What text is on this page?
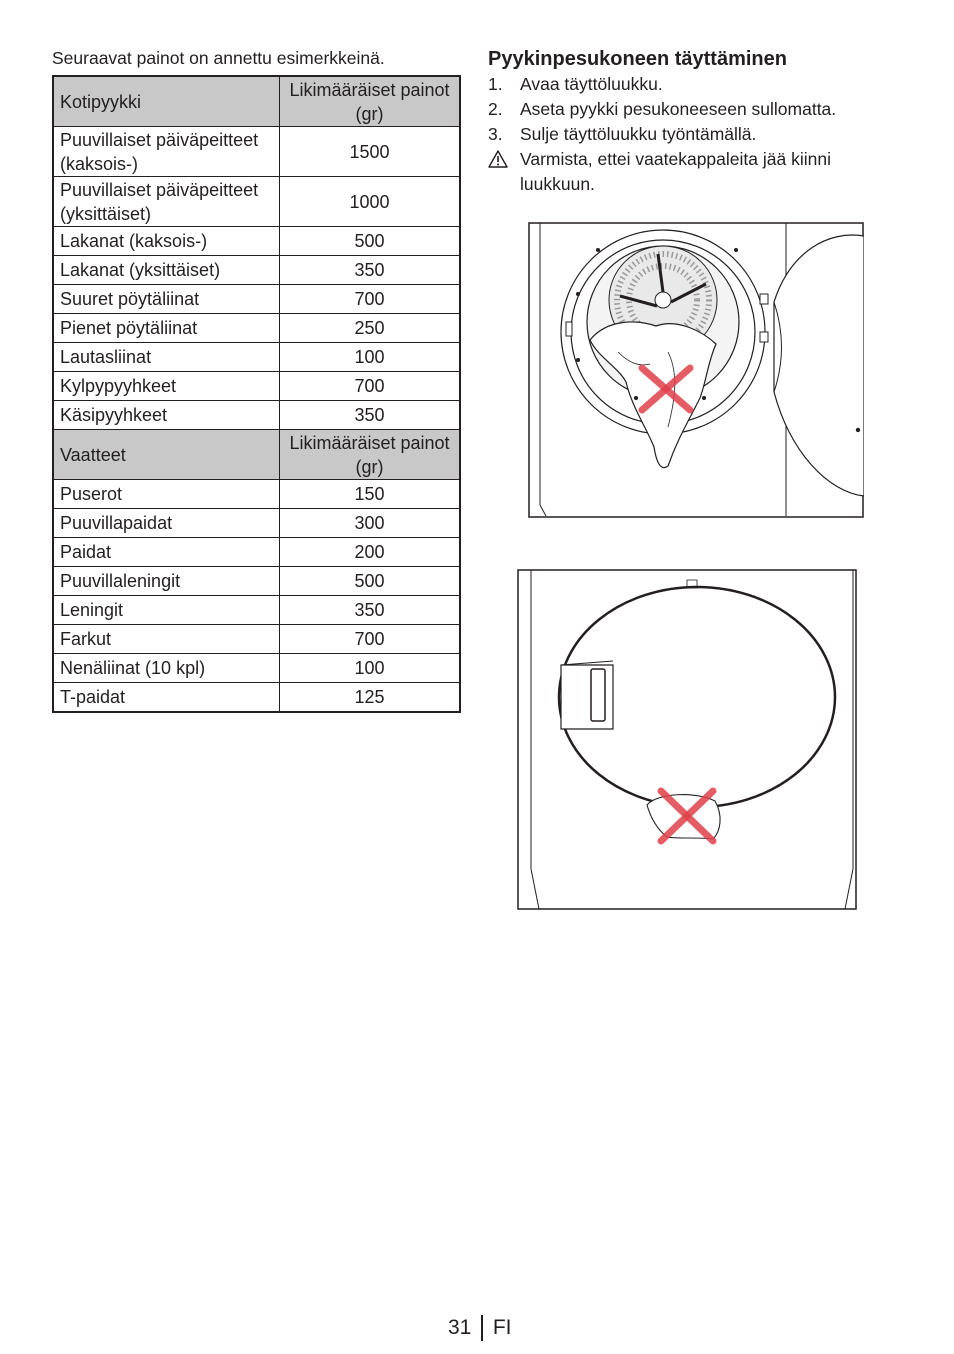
Seuraavat painot on annettu esimerkkeinä.
Kotipyykki	Likimääräiset painot (gr)
Puuvillaiset päiväpeitteet (kaksois-)	1500
Puuvillaiset päiväpeitteet (yksittäiset)	1000
Lakanat (kaksois-)	500
Lakanat (yksittäiset)	350
Suuret pöytäliinat	700
Pienet pöytäliinat	250
Lautasliinat	100
Kylpypyyhkeet	700
Käsipyyhkeet	350
Vaatteet	Likimääräiset painot (gr)
Puserot	150
Puuvillapaidat	300
Paidat	200
Puuvillaleningit	500
Leningit	350
Farkut	700
Nenäliinat (10 kpl)	100
T-paidat	125
Pyykinpesukoneen täyttäminen
1. Avaa täyttöluukku.
2. Aseta pyykki pesukoneeseen sullomatta.
3. Sulje täyttöluukku työntämällä.
Varmista, ettei vaatekappaleita jää kiinni luukkuun.
31 FI
